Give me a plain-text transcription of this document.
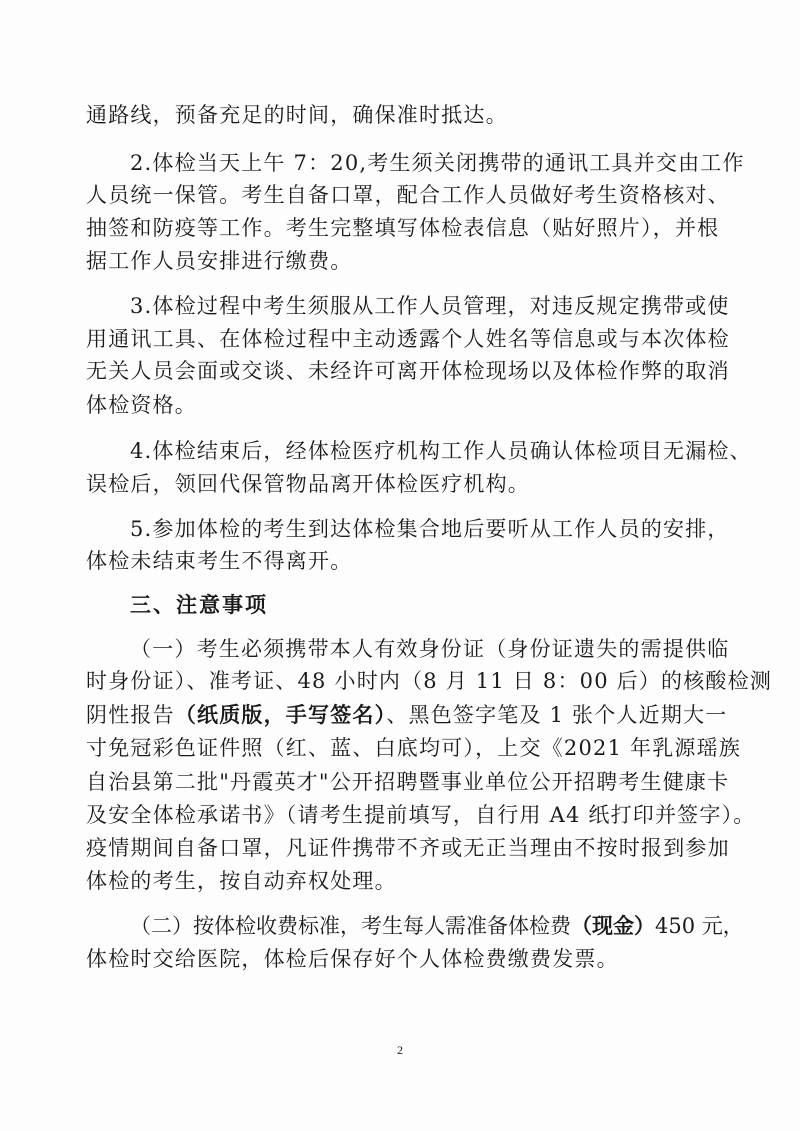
通路线，预备充足的时间，确保准时抵达。
2.体检当天上午 7：20,考生须关闭携带的通讯工具并交由工作
人员统一保管。考生自备口罩，配合工作人员做好考生资格核对、
抽签和防疫等工作。考生完整填写体检表信息（贴好照片），并根
据工作人员安排进行缴费。
3.体检过程中考生须服从工作人员管理，对违反规定携带或使
用通讯工具、在体检过程中主动透露个人姓名等信息或与本次体检
无关人员会面或交谈、未经许可离开体检现场以及体检作弊的取消
体检资格。
4.体检结束后，经体检医疗机构工作人员确认体检项目无漏检、
误检后，领回代保管物品离开体检医疗机构。
5.参加体检的考生到达体检集合地后要听从工作人员的安排，
体检未结束考生不得离开。
三、注意事项
（一）考生必须携带本人有效身份证（身份证遗失的需提供临
时身份证）、准考证、48 小时内（8 月 11 日 8：00 后）的核酸检测
阴性报告（纸质版，手写签名）、黑色签字笔及 1 张个人近期大一
寸免冠彩色证件照（红、蓝、白底均可），上交《2021 年乳源瑶族
自治县第二批"丹霞英才"公开招聘暨事业单位公开招聘考生健康卡
及安全体检承诺书》（请考生提前填写，自行用 A4 纸打印并签字）。
疫情期间自备口罩，凡证件携带不齐或无正当理由不按时报到参加
体检的考生，按自动弃权处理。
（二）按体检收费标准，考生每人需准备体检费（现金）450 元，
体检时交给医院，体检后保存好个人体检费缴费发票。
2
